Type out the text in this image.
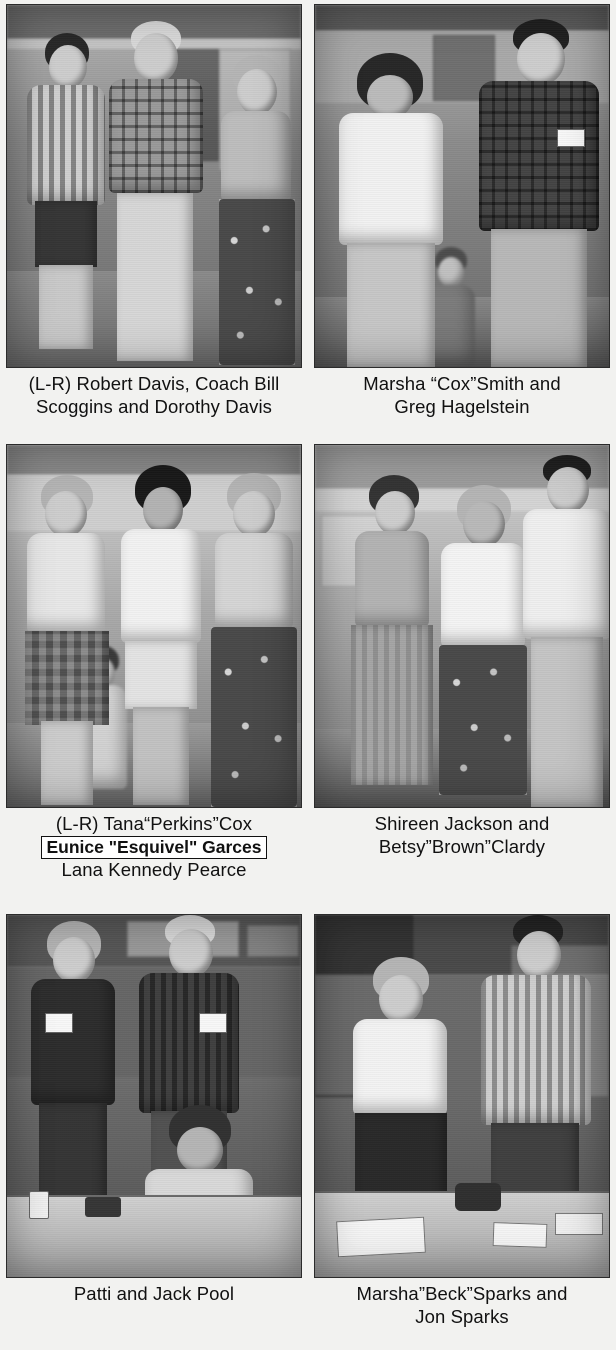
(L-R) Robert Davis, Coach Bill
Scoggins and Dorothy Davis
Marsha “Cox”Smith and
Greg Hagelstein
(L-R) Tana“Perkins”Cox
Eunice "Esquivel" Garces
Lana Kennedy Pearce
Shireen Jackson and
Betsy”Brown”Clardy
Patti and Jack Pool	Marsha”Beck”Sparks and
Jon Sparks
